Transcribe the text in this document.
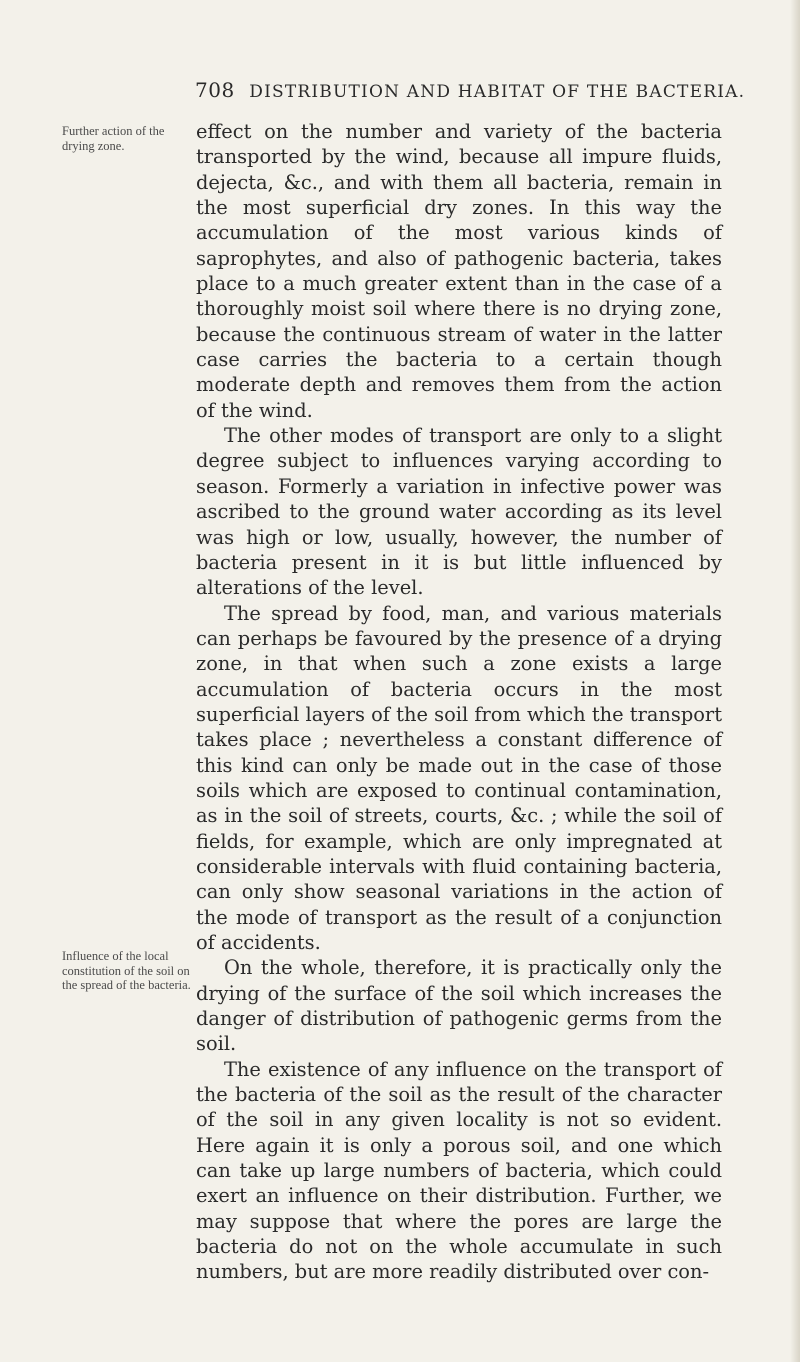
708 DISTRIBUTION AND HABITAT OF THE BACTERIA.
Further action of the drying zone.
Influence of the local constitution of the soil on the spread of the bacteria.

effect on the number and variety of the bacteria transported by the wind, because all impure fluids, dejecta, &c., and with them all bacteria, remain in the most superficial dry zones. In this way the accumulation of the most various kinds of saprophytes, and also of pathogenic bacteria, takes place to a much greater extent than in the case of a thoroughly moist soil where there is no drying zone, because the continuous stream of water in the latter case carries the bacteria to a certain though moderate depth and removes them from the action of the wind.

The other modes of transport are only to a slight degree subject to influences varying according to season. Formerly a variation in infective power was ascribed to the ground water according as its level was high or low, usually, however, the number of bacteria present in it is but little influenced by alterations of the level.

The spread by food, man, and various materials can perhaps be favoured by the presence of a drying zone, in that when such a zone exists a large accumulation of bacteria occurs in the most superficial layers of the soil from which the transport takes place ; nevertheless a constant difference of this kind can only be made out in the case of those soils which are exposed to continual contamination, as in the soil of streets, courts, &c. ; while the soil of fields, for example, which are only impregnated at considerable intervals with fluid containing bacteria, can only show seasonal variations in the action of the mode of transport as the result of a conjunction of accidents.

On the whole, therefore, it is practically only the drying of the surface of the soil which increases the danger of distribution of pathogenic germs from the soil.

The existence of any influence on the transport of the bacteria of the soil as the result of the character of the soil in any given locality is not so evident. Here again it is only a porous soil, and one which can take up large numbers of bacteria, which could exert an influence on their distribution. Further, we may suppose that where the pores are large the bacteria do not on the whole accumulate in such numbers, but are more readily distributed over con-
